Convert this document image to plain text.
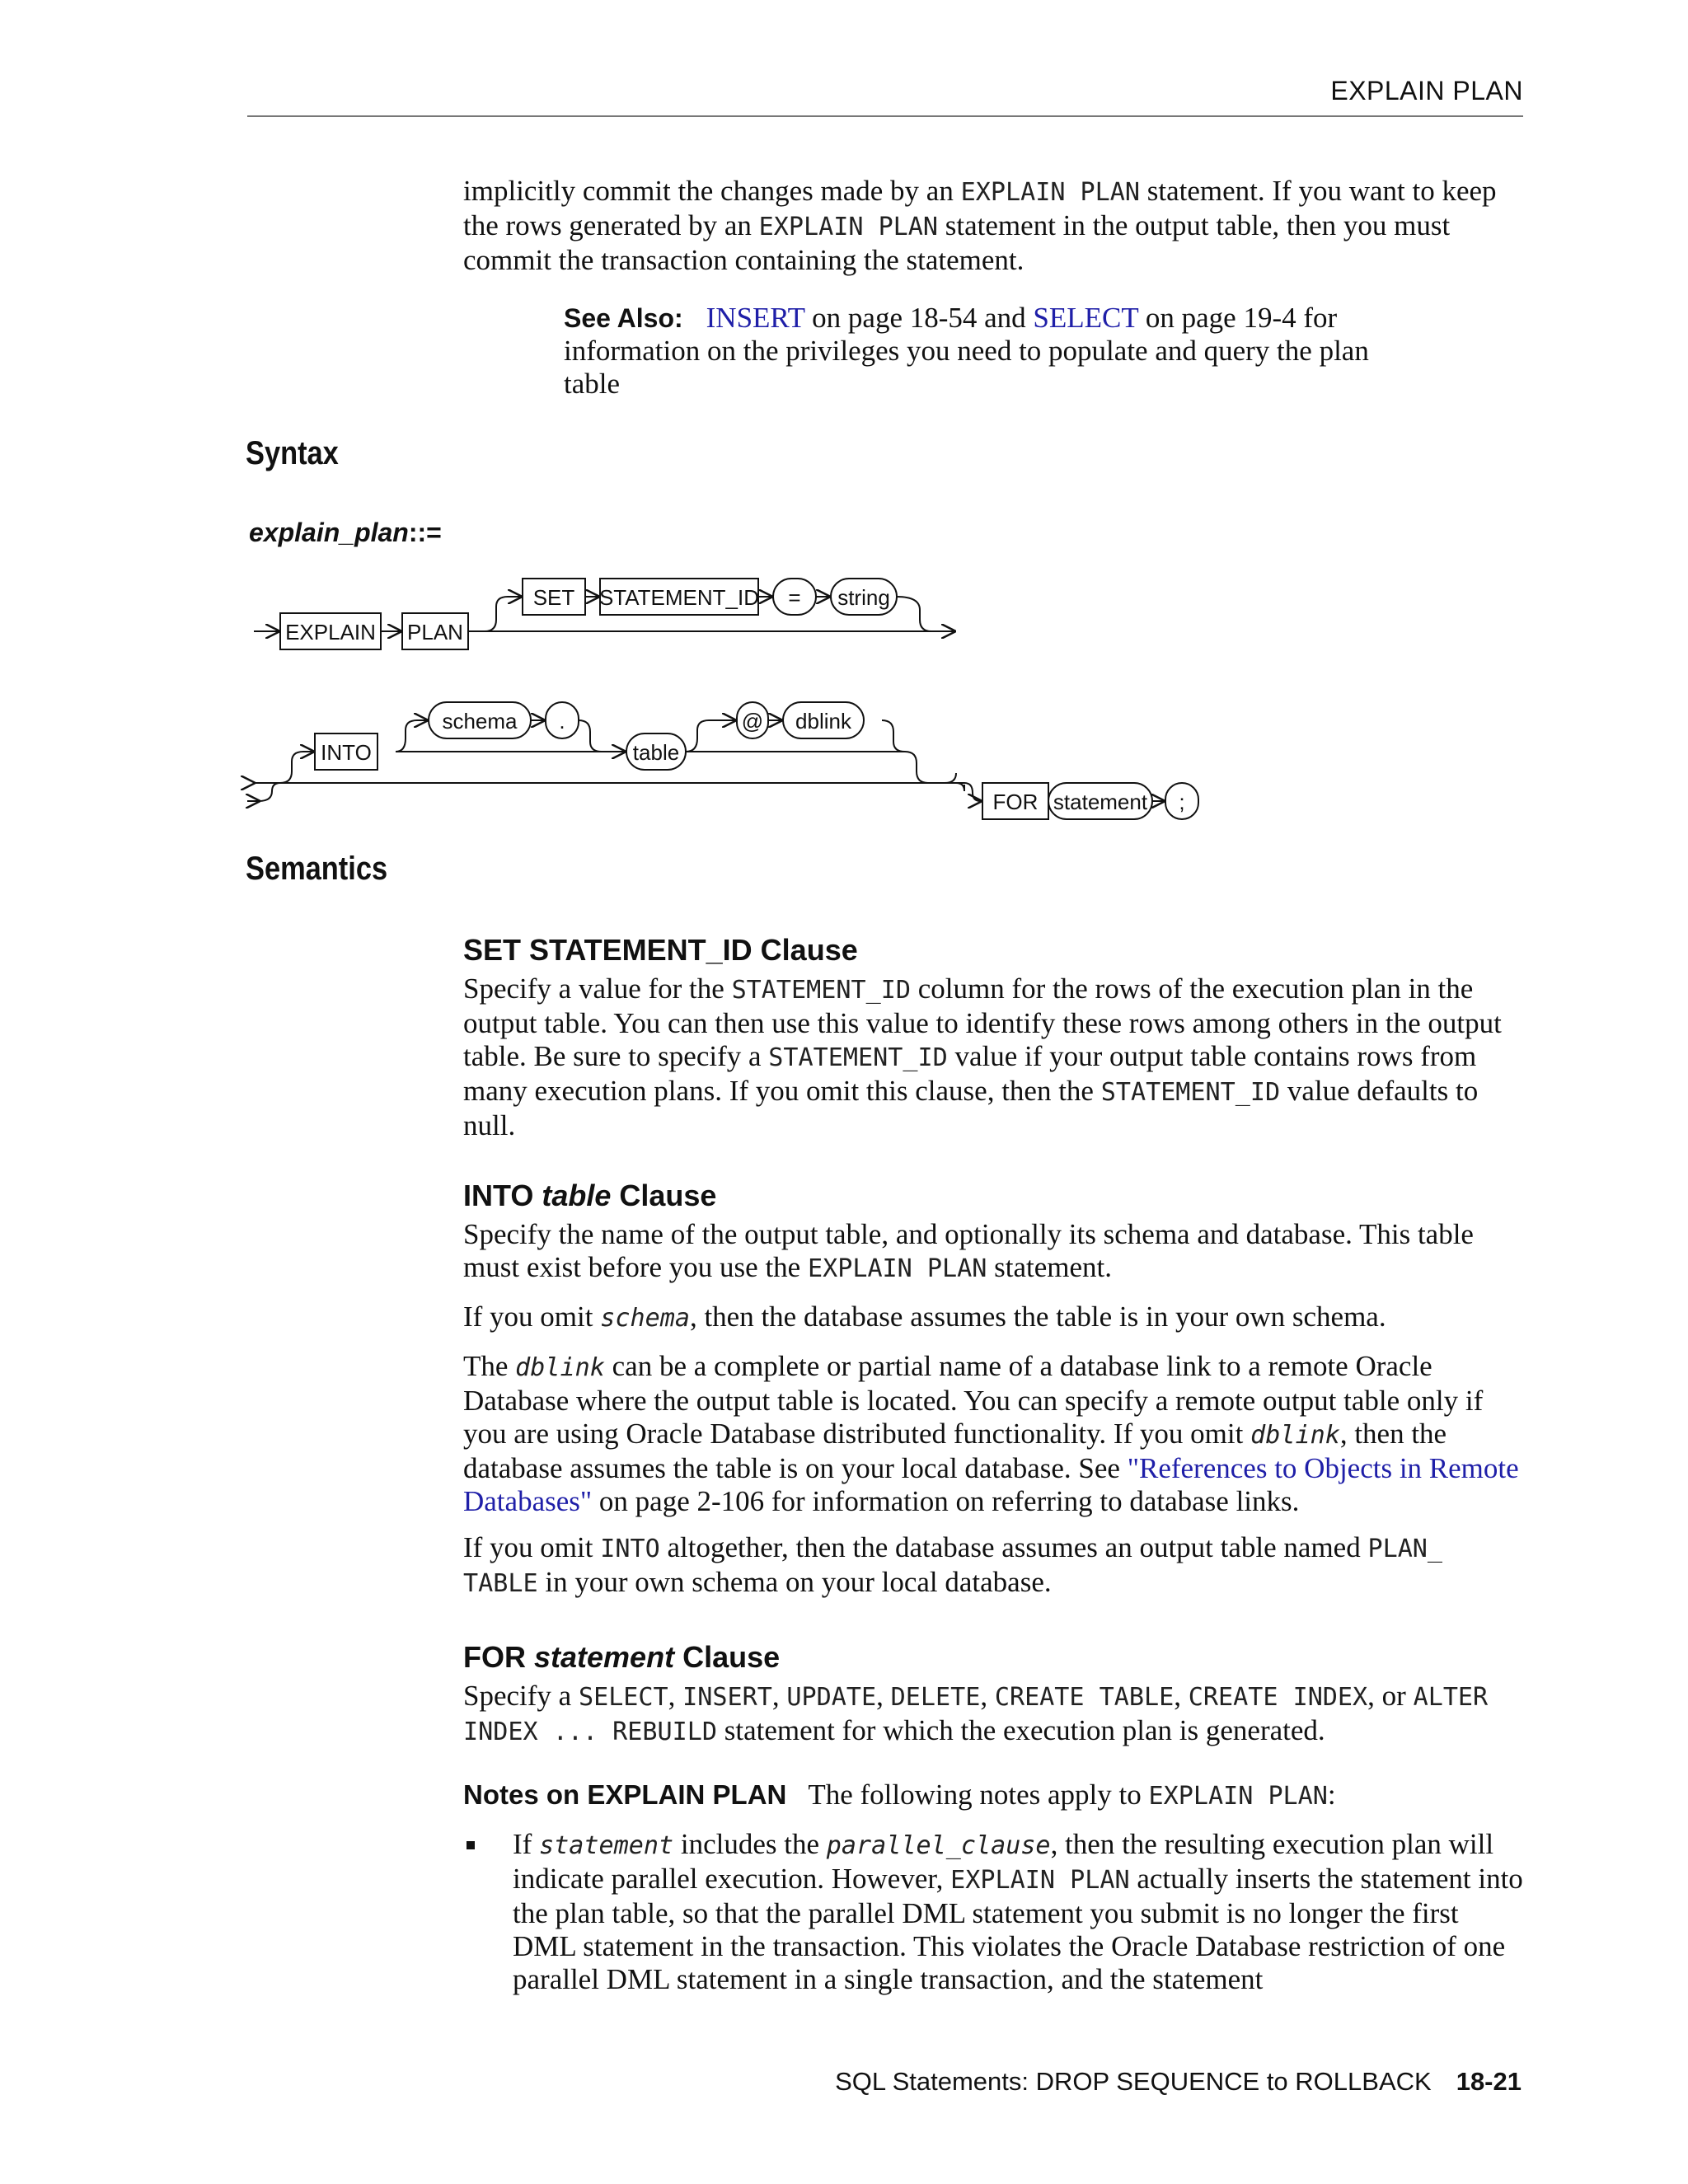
EXPLAIN PLAN

implicitly commit the changes made by an EXPLAIN PLAN statement. If you want to keep the rows generated by an EXPLAIN PLAN statement in the output table, then you must commit the transaction containing the statement.

See Also: INSERT on page 18-54 and SELECT on page 19-4 for information on the privileges you need to populate and query the plan table
Syntax
explain_plan::=
EXPLAIN PLAN
SET STATEMENT_ID = string
INTO
schema .
table
@ dblink
FOR statement ;
Semantics
SET STATEMENT_ID Clause

Specify a value for the STATEMENT_ID column for the rows of the execution plan in the output table. You can then use this value to identify these rows among others in the output table. Be sure to specify a STATEMENT_ID value if your output table contains rows from many execution plans. If you omit this clause, then the STATEMENT_ID value defaults to null.

INTO table Clause

Specify the name of the output table, and optionally its schema and database. This table must exist before you use the EXPLAIN PLAN statement.

If you omit schema, then the database assumes the table is in your own schema.

The dblink can be a complete or partial name of a database link to a remote Oracle Database where the output table is located. You can specify a remote output table only if you are using Oracle Database distributed functionality. If you omit dblink, then the database assumes the table is on your local database. See "References to Objects in Remote Databases" on page 2-106 for information on referring to database links.

If you omit INTO altogether, then the database assumes an output table named PLAN_ TABLE in your own schema on your local database.

FOR statement Clause

Specify a SELECT, INSERT, UPDATE, DELETE, CREATE TABLE, CREATE INDEX, or ALTER INDEX ... REBUILD statement for which the execution plan is generated.

Notes on EXPLAIN PLAN The following notes apply to EXPLAIN PLAN:

If statement includes the parallel_clause, then the resulting execution plan will indicate parallel execution. However, EXPLAIN PLAN actually inserts the statement into the plan table, so that the parallel DML statement you submit is no longer the first DML statement in the transaction. This violates the Oracle Database restriction of one parallel DML statement in a single transaction, and the statement

SQL Statements: DROP SEQUENCE to ROLLBACK 18-21
